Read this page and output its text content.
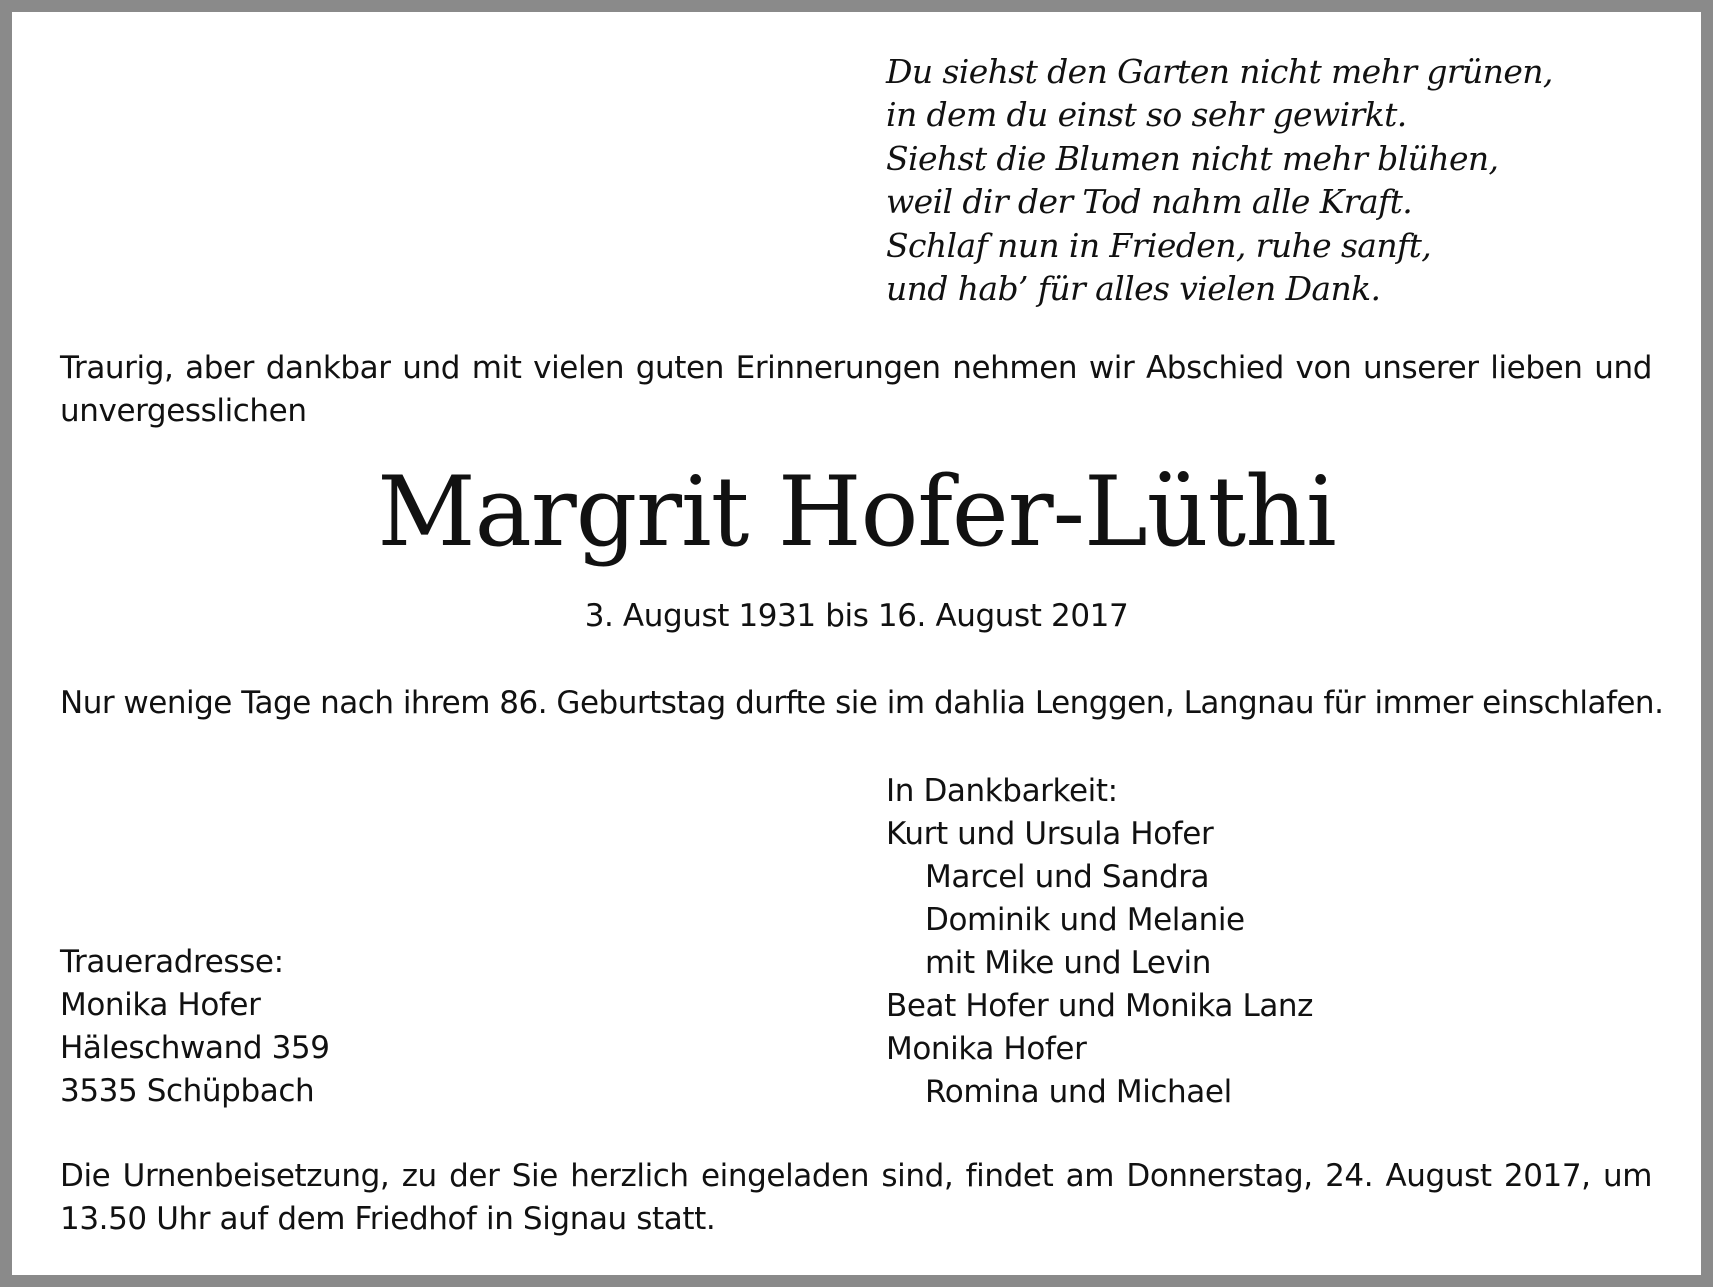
Du siehst den Garten nicht mehr grünen,
in dem du einst so sehr gewirkt.
Siehst die Blumen nicht mehr blühen,
weil dir der Tod nahm alle Kraft.
Schlaf nun in Frieden, ruhe sanft,
und hab’ für alles vielen Dank.
Traurig, aber dankbar und mit vielen guten Erinnerungen nehmen wir Abschied von unserer lieben und unvergesslichen
Margrit Hofer-Lüthi
3. August 1931 bis 16. August 2017
Nur wenige Tage nach ihrem 86. Geburtstag durfte sie im dahlia Lenggen, Langnau für immer einschlafen.
In Dankbarkeit:
Kurt und Ursula Hofer
Marcel und Sandra
Dominik und Melanie
mit Mike und Levin
Beat Hofer und Monika Lanz
Monika Hofer
Romina und Michael
Traueradresse:
Monika Hofer
Häleschwand 359
3535 Schüpbach
Die Urnenbeisetzung, zu der Sie herzlich eingeladen sind, findet am Donnerstag, 24. August 2017, um 13.50 Uhr auf dem Friedhof in Signau statt.
